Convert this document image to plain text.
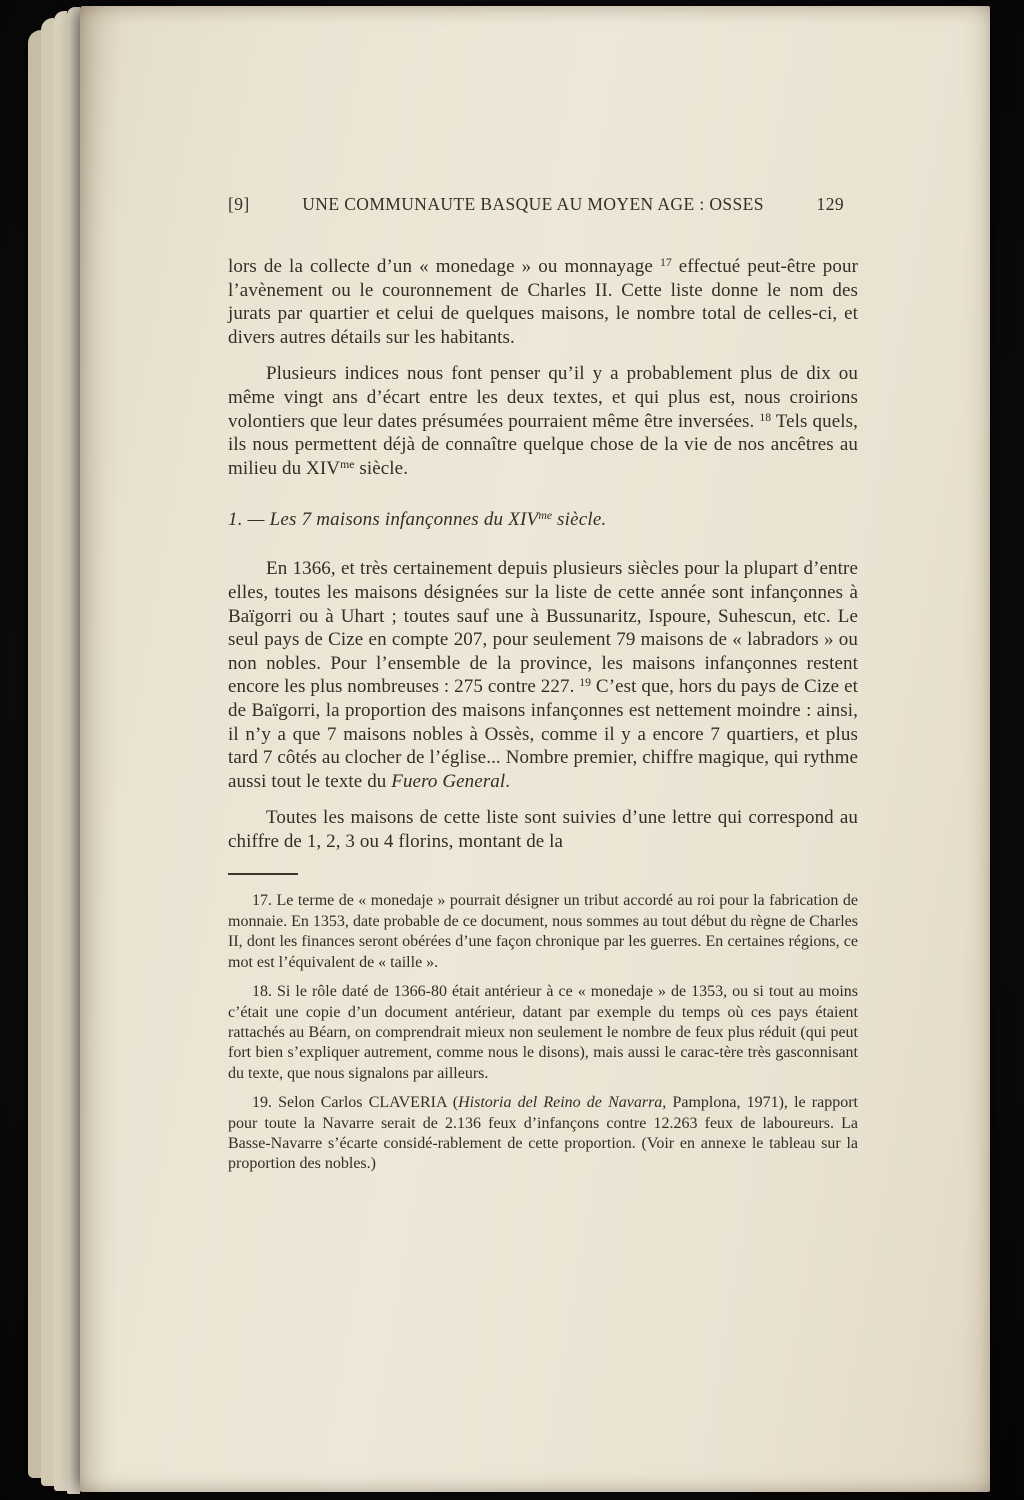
[9]	UNE COMMUNAUTE BASQUE AU MOYEN AGE : OSSES	129

lors de la collecte d’un « monedage » ou monnayage $^{17}$ effectué peut-être pour l’avènement ou le couronnement de Charles II. Cette liste donne le nom des jurats par quartier et celui de quelques maisons, le nombre total de celles-ci, et divers autres détails sur les habitants.

Plusieurs indices nous font penser qu’il y a probablement plus de dix ou même vingt ans d’écart entre les deux textes, et qui plus est, nous croirions volontiers que leur dates présumées pourraient même être inversées. $^{18}$ Tels quels, ils nous permettent déjà de connaître quelque chose de la vie de nos ancêtres au milieu du $XIV^{me}$ siècle.

1. — Les 7 maisons infançonnes du $XIV^{me}$ siècle.

En 1366, et très certainement depuis plusieurs siècles pour la plupart d’entre elles, toutes les maisons désignées sur la liste de cette année sont infançonnes à Baïgorri ou à Uhart ; toutes sauf une à Bussunaritz, Ispoure, Suhescun, etc. Le seul pays de Cize en compte 207, pour seulement 79 maisons de « labradors » ou non nobles. Pour l’ensemble de la province, les maisons infançonnes restent encore les plus nombreuses : 275 contre 227. $^{19}$ C’est que, hors du pays de Cize et de Baïgorri, la proportion des maisons infançonnes est nettement moindre : ainsi, il n’y a que 7 maisons nobles à Ossès, comme il y a encore 7 quartiers, et plus tard 7 côtés au clocher de l’église... Nombre premier, chiffre magique, qui rythme aussi tout le texte du Fuero General.

Toutes les maisons de cette liste sont suivies d’une lettre qui correspond au chiffre de 1, 2, 3 ou 4 florins, montant de la

17. Le terme de « monedaje » pourrait désigner un tribut accordé au roi pour la fabrication de monnaie. En 1353, date probable de ce document, nous sommes au tout début du règne de Charles II, dont les finances seront obérées d’une façon chronique par les guerres. En certaines régions, ce mot est l’équivalent de « taille ».

18. Si le rôle daté de 1366-80 était antérieur à ce « monedaje » de 1353, ou si tout au moins c’était une copie d’un document antérieur, datant par exemple du temps où ces pays étaient rattachés au Béarn, on comprendrait mieux non seulement le nombre de feux plus réduit (qui peut fort bien s’expliquer autrement, comme nous le disons), mais aussi le carac-tère très gasconnisant du texte, que nous signalons par ailleurs.

19. Selon Carlos CLAVERIA (Historia del Reino de Navarra, Pamplona, 1971), le rapport pour toute la Navarre serait de 2.136 feux d’infançons contre 12.263 feux de laboureurs. La Basse-Navarre s’écarte considé-rablement de cette proportion. (Voir en annexe le tableau sur la proportion des nobles.)
